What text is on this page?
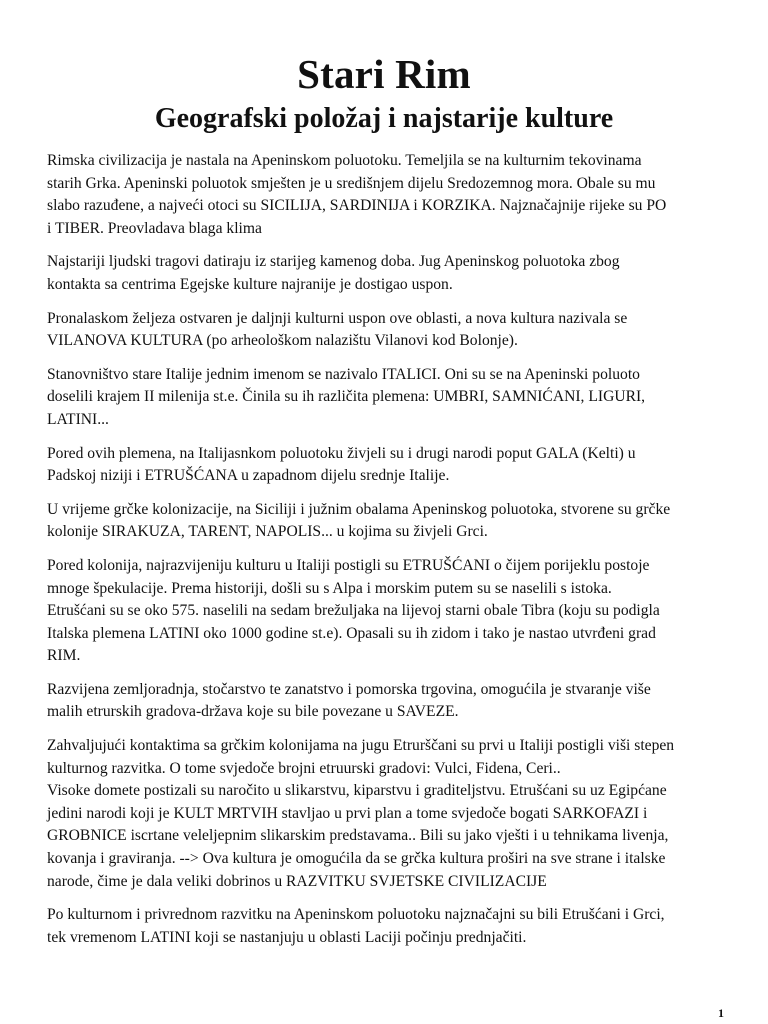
Stari Rim
Geografski položaj i najstarije kulture
Rimska civilizacija je nastala na Apeninskom poluotoku. Temeljila se na kulturnim tekovinama
starih Grka. Apeninski poluotok smješten je u središnjem dijelu Sredozemnog mora. Obale su mu
slabo razuđene, a najveći otoci su SICILIJA, SARDINIJA i KORZIKA. Najznačajnije rijeke su PO
i TIBER. Preovladava blaga klima
Najstariji ljudski tragovi datiraju iz starijeg kamenog doba. Jug Apeninskog poluotoka zbog
kontakta sa centrima Egejske kulture najranije je dostigao uspon.
Pronalaskom željeza ostvaren je daljnji kulturni uspon ove oblasti, a nova kultura nazivala se
VILANOVA KULTURA (po arheološkom nalazištu Vilanovi kod Bolonje).
Stanovništvo stare Italije jednim imenom se nazivalo ITALICI. Oni su se na Apeninski poluoto
doselili krajem II milenija st.e. Činila su ih različita plemena: UMBRI, SAMNIĆANI, LIGURI,
LATINI...
Pored ovih plemena, na Italijasnkom poluotoku živjeli su i drugi narodi poput GALA (Kelti) u
Padskoj niziji i ETRUŠĆANA u zapadnom dijelu srednje Italije.
U vrijeme grčke kolonizacije, na Siciliji i južnim obalama Apeninskog poluotoka, stvorene su grčke
kolonije SIRAKUZA, TARENT, NAPOLIS... u kojima su živjeli Grci.
Pored kolonija, najrazvijeniju kulturu u Italiji postigli su ETRUŠĆANI o čijem porijeklu postoje
mnoge špekulacije. Prema historiji, došli su s Alpa i morskim putem su se naselili s istoka.
Etrušćani su se oko 575. naselili na sedam brežuljaka na lijevoj starni obale Tibra (koju su podigla
Italska plemena LATINI oko 1000 godine st.e). Opasali su ih zidom i tako je nastao utvrđeni grad
RIM.
Razvijena zemljoradnja, stočarstvo te zanatstvo i pomorska trgovina, omogućila je stvaranje više
malih etrurskih gradova-država koje su bile povezane u SAVEZE.
Zahvaljujući kontaktima sa grčkim kolonijama na jugu Etrurščani su prvi u Italiji postigli viši stepen
kulturnog razvitka. O tome svjedoče brojni etruurski gradovi: Vulci, Fidena, Ceri..
Visoke domete postizali su naročito u slikarstvu, kiparstvu i graditeljstvu. Etrušćani su uz Egipćane
jedini narodi koji je KULT MRTVIH stavljao u prvi plan a tome svjedoče bogati SARKOFAZI i
GROBNICE iscrtane veleljepnim slikarskim predstavama.. Bili su jako vješti i u tehnikama livenja,
kovanja i graviranja. --> Ova kultura je omogućila da se grčka kultura proširi na sve strane i italske
narode, čime je dala veliki dobrinos u RAZVITKU SVJETSKE CIVILIZACIJE
Po kulturnom i privrednom razvitku na Apeninskom poluotoku najznačajni su bili Etrušćani i Grci,
tek vremenom LATINI koji se nastanjuju u oblasti Laciji počinju prednjačiti.
1
